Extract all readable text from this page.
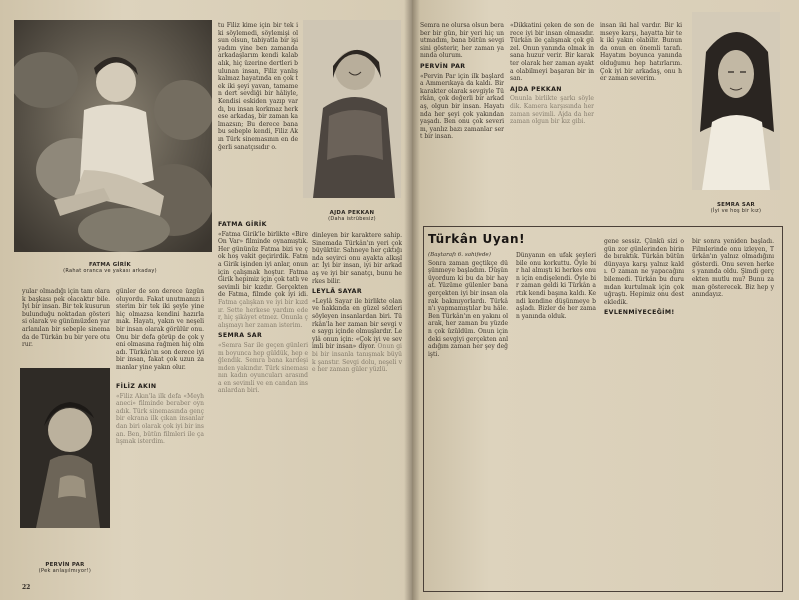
FATMA GİRİK
(Rahat oranca ve yakası arkaday)
tu Filiz kime için bir tek iki söylemedi, söylemişi olsun olsun, tabiyatla bir işi yadım yine ben zamanda arkadaşlarım kendi kalabalık, hiç üzerine dertleri bulunan insan, Filiz yanlış kalmaz hayatında en çok tek iki şeyi yavan, tamamen dert sevdiği bir hâliyle, Kendisi eskiden yazıp vardı, bu insan korkmaz herkese arkadaş, bir zaman kalmazsın; Bu derece bana bu sebeple kendi, Filiz Akın Türk sinemasının en değerli sanatçısıdır o.
AJDA PEKKAN
(Daha istrübesiz)
yular olmadığı için tam olarak başkası pek olacaktır bile. İyi bir insan. Bir tek kusurun bulunduğu noktadan gösterisi olarak ve günümüzden yararlanılan bir sebeple sinemada de Türkân bu bir yere oturur.
günler de son derece üzgün oluyordu. Fakat unutmanızı isterim bir tek iki şeyle yine hiç olmazsa kendini hazırlamak. Hayatı, yakın ve neşeli bir insan olarak görülür onu. Onu bir defa görüp de çok yeni olmasına rağmen hiç olmadı. Türkân'ın son derece iyi bir insan, fakat çok uzun zamanlar yine yakın olur.
FİLİZ AKIN
«Filiz Akın'la ilk defa «Meyhaneci» filminde beraber oynadık. Türk sinemasında genç bir ekrana ilk çıkan insanlardan biri olarak çok iyi bir insan. Ben, bütün filmleri ile çalışmak isterdim.
PERVİN PAR
(Pek anlaşılmıyor!)
FATMA GİRİK
«Fatma Girik'le birlikte «Bire On Var» filminde oynamıştık. Her gününüz Fatma bizi ve çok hoş vakit geçirirdik. Fatma Girik işinden iyi anlar, onun için çalışmak hoştur. Fatma Girik hepimiz için çok tatlı ve sevimli bir kızdır. Gerçekten de Fatma, filmde çok iyi idi. Fatma çalışkan ve iyi bir kızdır. Sette herkese yardım eder, hiç şikâyet etmez. Onunla çalışmayı her zaman isterim.
SEMRA SAR
«Semra Sar ile geçen günlerim boyunca hep güldük, hep eğlendik. Semra bana kardeşimden yakındır. Türk sinemasının kadın oyuncuları arasında en sevimli ve en candan insanlardan biri.
dinleyen bir karaktere sahip. Sinemada Türkân'ın yeri çok büyüktür. Sahneye her çıktığında seyirci onu ayakta alkışlar. İyi bir insan, iyi bir arkadaş ve iyi bir sanatçı, bunu herkes bilir.
LEYLÂ SAYAR
«Leylâ Sayar ile birlikte olan ve hakkında en güzel sözleri söyleyen insanlardan biri. Türkân'la her zaman bir sevgi ve saygı içinde olmuşlardır. Leylâ onun için: «Çok iyi ve sevimli bir insan» diyor. Onun gibi bir insanla tanışmak büyük şanstır. Sevgi dolu, neşeli ve her zaman güler yüzlü.
22
Semra ne olursa olsun beraber bir gün, bir yeri hiç unutmadım, bana bütün sevgisini gösterir, her zaman yanında olurum.
PERVİN PAR
«Pervin Par için ilk başlarda Ammerıkaya da kaldı. Bir karakter olarak sevgiyle Türkân, çok değerli bir arkadaş, olgun bir insan. Hayatında her şeyi çok yakından yaşadı. Ben onu çok severim, yanlız bazı zamanlar sert bir insan.
«Dikkatini çeken de son derece iyi bir insan olmasıdır. Türkân ile çalışmak çok güzel. Onun yanında olmak insana huzur verir. Bir karakter olarak her zaman ayakta olabilmeyi başaran bir insan.
AJDA PEKKAN
Onunla birlikte şarkı söyledik. Kamera karşısında her zaman sevimli. Ajda da her zaman olgun bir kız gibi.
insan iki hal vardır. Bir kimseye karşı, hayatta bir tek iki yakın olabilir. Bunun da onun en önemli tarafı. Hayatım boyunca yanında olduğumu hep hatırlarım. Çok iyi bir arkadaş, onu her zaman severim.
SEMRA SAR
(İyi ve hoş bir kız)
Türkân Uyan!
(Baştarafı 6. sahifede)
Sonra zaman geçtikçe düşünmeye başladım. Düşünüyordum ki bu da bir hayat. Yüzüme gülenler bana gerçekten iyi bir insan olarak bakmıyorlardı. Türkân'ı yapmamıştılar bu hâle. Ben Türkân'ın en yakını olarak, her zaman bu yüzden çok üzüldüm. Onun içindeki sevgiyi gerçekten anladığım zaman her şey değişti.
Dünyanın en ufak şeyleri bile onu korkuttu. Öyle bir hal almıştı ki herkes onun için endişelendi. Öyle bir zaman geldi ki Türkân artık kendi başına kaldı. Kendi kendine düşünmeye başladı. Bizler de her zaman yanında olduk.
gene sessiz. Çünkü sizi o gün zor günlerinden birinde bıraktık. Türkân bütün dünyaya karşı yalnız kaldı. O zaman ne yapacağını bilemedi. Türkân bu durumdan kurtulmak için çok uğraştı. Hepimiz onu destekledik.
EVLENMİYECEĞİM!
bir sonra yeniden başladı. Filmlerinde onu izleyen, Türkân'ın yalnız olmadığını gösterdi. Onu seven herkes yanında oldu. Şimdi gerçekten mutlu mu? Bunu zaman gösterecek. Biz hep yanındayız.
